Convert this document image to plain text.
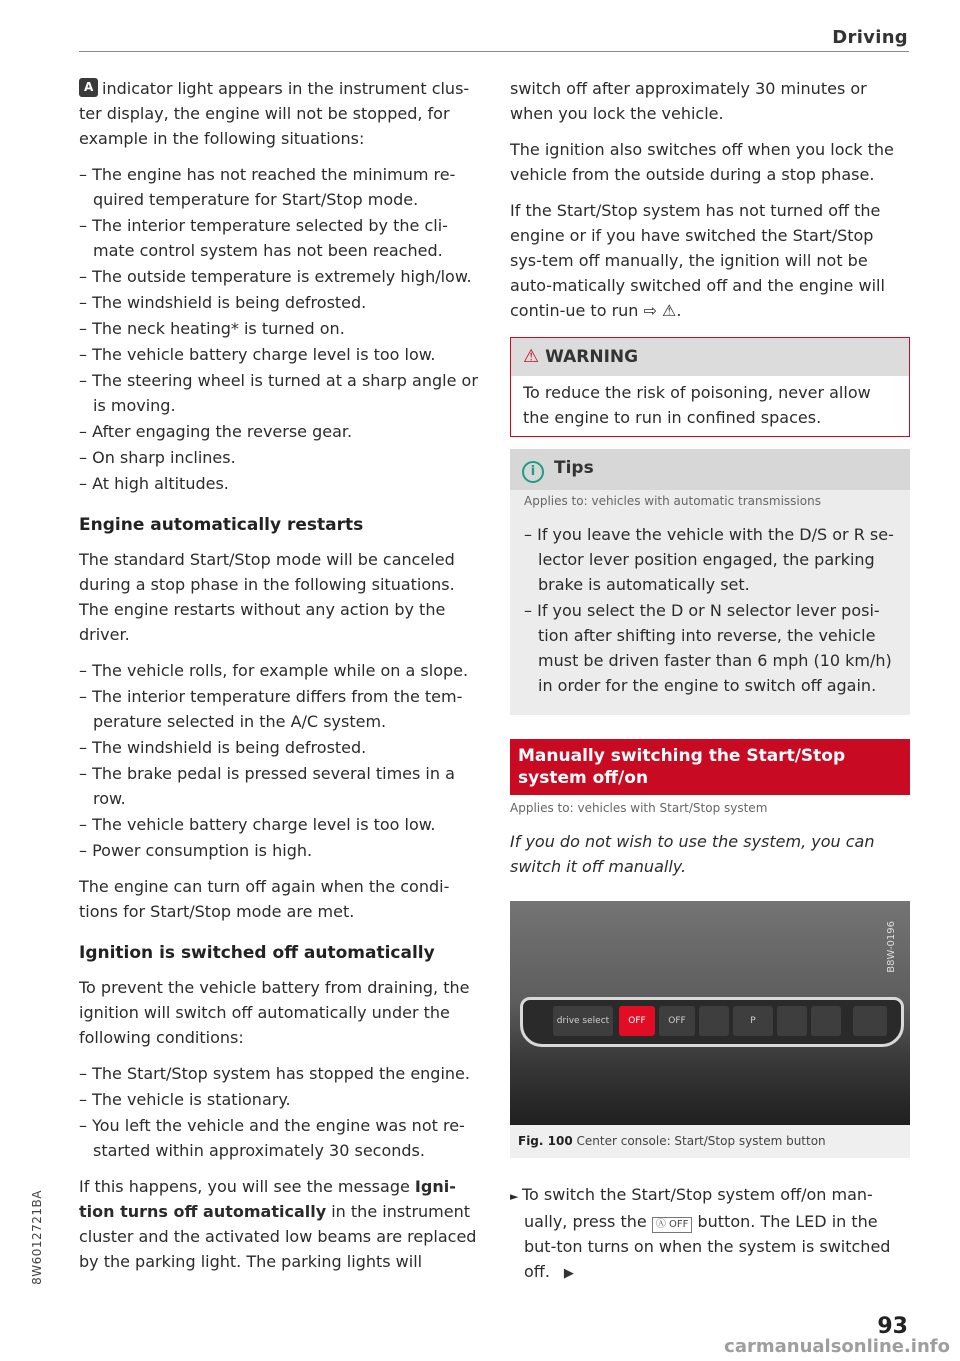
Driving

Aindicator light appears in the instrument clus-ter display, the engine will not be stopped, for example in the following situations:

– The engine has not reached the minimum re-quired temperature for Start/Stop mode.
– The interior temperature selected by the cli-mate control system has not been reached.
– The outside temperature is extremely high/low.
– The windshield is being defrosted.
– The neck heating* is turned on.
– The vehicle battery charge level is too low.
– The steering wheel is turned at a sharp angle or is moving.
– After engaging the reverse gear.
– On sharp inclines.
– At high altitudes.
Engine automatically restarts

The standard Start/Stop mode will be canceled during a stop phase in the following situations. The engine restarts without any action by the driver.

– The vehicle rolls, for example while on a slope.
– The interior temperature differs from the tem-perature selected in the A/C system.
– The windshield is being defrosted.
– The brake pedal is pressed several times in a row.
– The vehicle battery charge level is too low.
– Power consumption is high.

The engine can turn off again when the condi-tions for Start/Stop mode are met.

Ignition is switched off automatically

To prevent the vehicle battery from draining, the ignition will switch off automatically under the following conditions:

– The Start/Stop system has stopped the engine.
– The vehicle is stationary.
– You left the vehicle and the engine was not re-started within approximately 30 seconds.

If this happens, you will see the message Igni-tion turns off automatically in the instrument cluster and the activated low beams are replaced by the parking light. The parking lights will

switch off after approximately 30 minutes or when you lock the vehicle.

The ignition also switches off when you lock the vehicle from the outside during a stop phase.

If the Start/Stop system has not turned off the engine or if you have switched the Start/Stop sys-tem off manually, the ignition will not be auto-matically switched off and the engine will contin-ue to run ⇨ ⚠.

⚠ WARNING
To reduce the risk of poisoning, never allow the engine to run in confined spaces.
i Tips
Applies to: vehicles with automatic transmissions
– If you leave the vehicle with the D/S or R se-lector lever position engaged, the parking brake is automatically set.
– If you select the D or N selector lever posi-tion after shifting into reverse, the vehicle must be driven faster than 6 mph (10 km/h) in order for the engine to switch off again.
Manually switching the Start/Stop system off/on
Applies to: vehicles with Start/Stop system

If you do not wish to use the system, you can switch it off manually.

B8W-0196
drive select	OFF	OFF	P
Fig. 100 Center console: Start/Stop system button

► To switch the Start/Stop system off/on man-ually, press the Ⓐ OFF button. The LED in the but-ton turns on when the system is switched off. ▶

8W6012721BA
93
carmanualsonline.info
